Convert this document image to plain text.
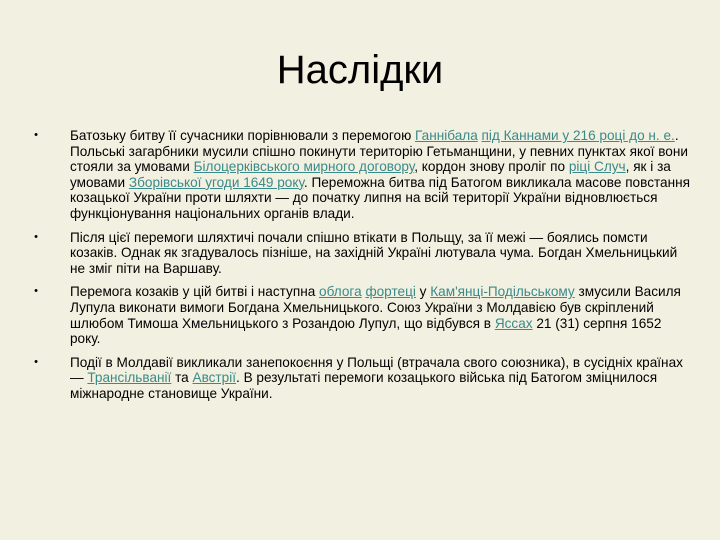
Наслідки
• Батозьку битву її сучасники порівнювали з перемогою Ганнібала під Каннами у 216 році до н. е.. Польські загарбники мусили спішно покинути територію Гетьманщини, у певних пунктах якої вони стояли за умовами Білоцерківського мирного договору, кордон знову проліг по ріці Случ, як і за умовами Зборівської угоди 1649 року. Переможна битва під Батогом викликала масове повстання козацької України проти шляхти — до початку липня на всій території України відновлюється функціонування національних органів влади.
• Після цієї перемоги шляхтичі почали спішно втікати в Польщу, за її межі — боялись помсти козаків. Однак як згадувалось пізніше, на західній Україні лютувала чума. Богдан Хмельницький не зміг піти на Варшаву.
• Перемога козаків у цій битві і наступна облога фортеці у Кам'янці-Подільському змусили Василя Лупула виконати вимоги Богдана Хмельницького. Союз України з Молдавією був скріплений шлюбом Тимоша Хмельницького з Розандою Лупул, що відбувся в Яссах 21 (31) серпня 1652 року.
• Події в Молдавії викликали занепокоєння у Польщі (втрачала свого союзника), в сусідніх країнах — Трансільванії та Австрії. В результаті перемоги козацького війська під Батогом зміцнилося міжнародне становище України.
